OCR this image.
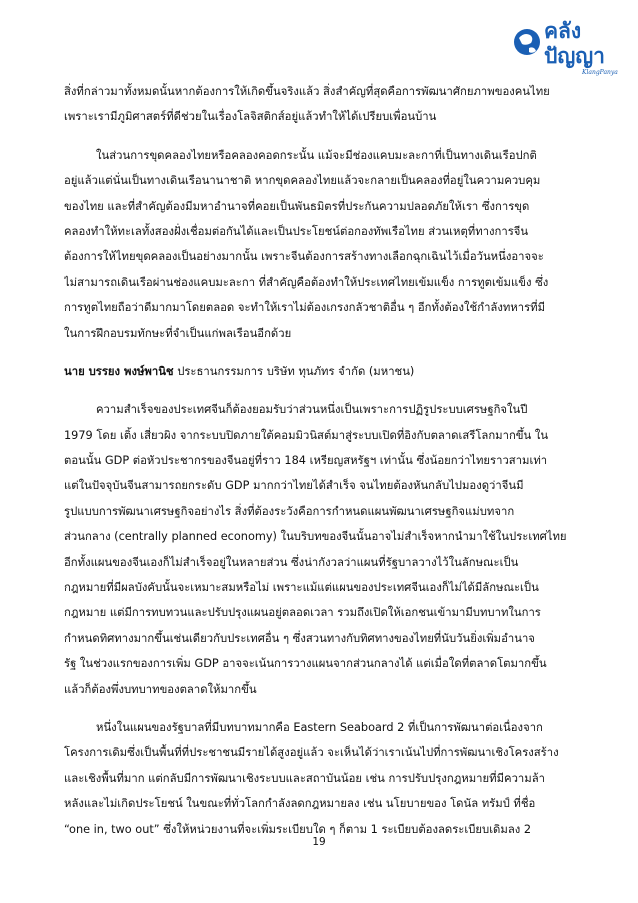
คลัง
ปัญญา
KlangPanya
สิ่งที่กล่าวมาทั้งหมดนั้นหากต้องการให้เกิดขึ้นจริงแล้ว สิ่งสำคัญที่สุดคือการพัฒนาศักยภาพของคนไทย
เพราะเรามีภูมิศาสตร์ที่ดีช่วยในเรื่องโลจิสติกส์อยู่แล้วทำให้ได้เปรียบเพื่อนบ้าน
ในส่วนการขุดคลองไทยหรือคลองคอดกระนั้น แม้จะมีช่องแคบมะละกาที่เป็นทางเดินเรือปกติ
อยู่แล้วแต่นั่นเป็นทางเดินเรือนานาชาติ หากขุดคลองไทยแล้วจะกลายเป็นคลองที่อยู่ในความควบคุม
ของไทย และที่สำคัญต้องมีมหาอำนาจที่คอยเป็นพันธมิตรที่ประกันความปลอดภัยให้เรา ซึ่งการขุด
คลองทำให้ทะเลทั้งสองฝั่งเชื่อมต่อกันได้และเป็นประโยชน์ต่อกองทัพเรือไทย ส่วนเหตุที่ทางการจีน
ต้องการให้ไทยขุดคลองเป็นอย่างมากนั้น เพราะจีนต้องการสร้างทางเลือกฉุกเฉินไว้เมื่อวันหนึ่งอาจจะ
ไม่สามารถเดินเรือผ่านช่องแคบมะละกา ที่สำคัญคือต้องทำให้ประเทศไทยเข้มแข็ง การทูตเข้มแข็ง ซึ่ง
การทูตไทยถือว่าดีมากมาโดยตลอด จะทำให้เราไม่ต้องเกรงกลัวชาติอื่น ๆ อีกทั้งต้องใช้กำลังทหารที่มี
ในการฝึกอบรมทักษะที่จำเป็นแก่พลเรือนอีกด้วย
นาย บรรยง พงษ์พานิช ประธานกรรมการ บริษัท ทุนภัทร จำกัด (มหาชน)
ความสำเร็จของประเทศจีนก็ต้องยอมรับว่าส่วนหนึ่งเป็นเพราะการปฏิรูประบบเศรษฐกิจในปี
1979 โดย เติ้ง เสี่ยวผิง จากระบบปิดภายใต้คอมมิวนิสต์มาสู่ระบบเปิดที่อิงกับตลาดเสรีโลกมากขึ้น ใน
ตอนนั้น GDP ต่อหัวประชากรของจีนอยู่ที่ราว 184 เหรียญสหรัฐฯ เท่านั้น ซึ่งน้อยกว่าไทยราวสามเท่า
แต่ในปัจจุบันจีนสามารถยกระดับ GDP มากกว่าไทยได้สำเร็จ จนไทยต้องหันกลับไปมองดูว่าจีนมี
รูปแบบการพัฒนาเศรษฐกิจอย่างไร สิ่งที่ต้องระวังคือการกำหนดแผนพัฒนาเศรษฐกิจแม่บทจาก
ส่วนกลาง (centrally planned economy) ในบริบทของจีนนั้นอาจไม่สำเร็จหากนำมาใช้ในประเทศไทย
อีกทั้งแผนของจีนเองก็ไม่สำเร็จอยู่ในหลายส่วน ซึ่งน่ากังวลว่าแผนที่รัฐบาลวางไว้ในลักษณะเป็น
กฎหมายที่มีผลบังคับนั้นจะเหมาะสมหรือไม่ เพราะแม้แต่แผนของประเทศจีนเองก็ไม่ได้มีลักษณะเป็น
กฎหมาย แต่มีการทบทวนและปรับปรุงแผนอยู่ตลอดเวลา รวมถึงเปิดให้เอกชนเข้ามามีบทบาทในการ
กำหนดทิศทางมากขึ้นเช่นเดียวกับประเทศอื่น ๆ ซึ่งสวนทางกับทิศทางของไทยที่นับวันยิ่งเพิ่มอำนาจ
รัฐ ในช่วงแรกของการเพิ่ม GDP อาจจะเน้นการวางแผนจากส่วนกลางได้ แต่เมื่อใดที่ตลาดโตมากขึ้น
แล้วก็ต้องพึ่งบทบาทของตลาดให้มากขึ้น
หนึ่งในแผนของรัฐบาลที่มีบทบาทมากคือ Eastern Seaboard 2 ที่เป็นการพัฒนาต่อเนื่องจาก
โครงการเดิมซึ่งเป็นพื้นที่ที่ประชาชนมีรายได้สูงอยู่แล้ว จะเห็นได้ว่าเราเน้นไปที่การพัฒนาเชิงโครงสร้าง
และเชิงพื้นที่มาก แต่กลับมีการพัฒนาเชิงระบบและสถาบันน้อย เช่น การปรับปรุงกฎหมายที่มีความล้า
หลังและไม่เกิดประโยชน์ ในขณะที่ทั่วโลกกำลังลดกฎหมายลง เช่น นโยบายของ โดนัล ทรัมป์ ที่ชื่อ
“one in, two out” ซึ่งให้หน่วยงานที่จะเพิ่มระเบียบใด ๆ ก็ตาม 1 ระเบียบต้องลดระเบียบเดิมลง 2
19
